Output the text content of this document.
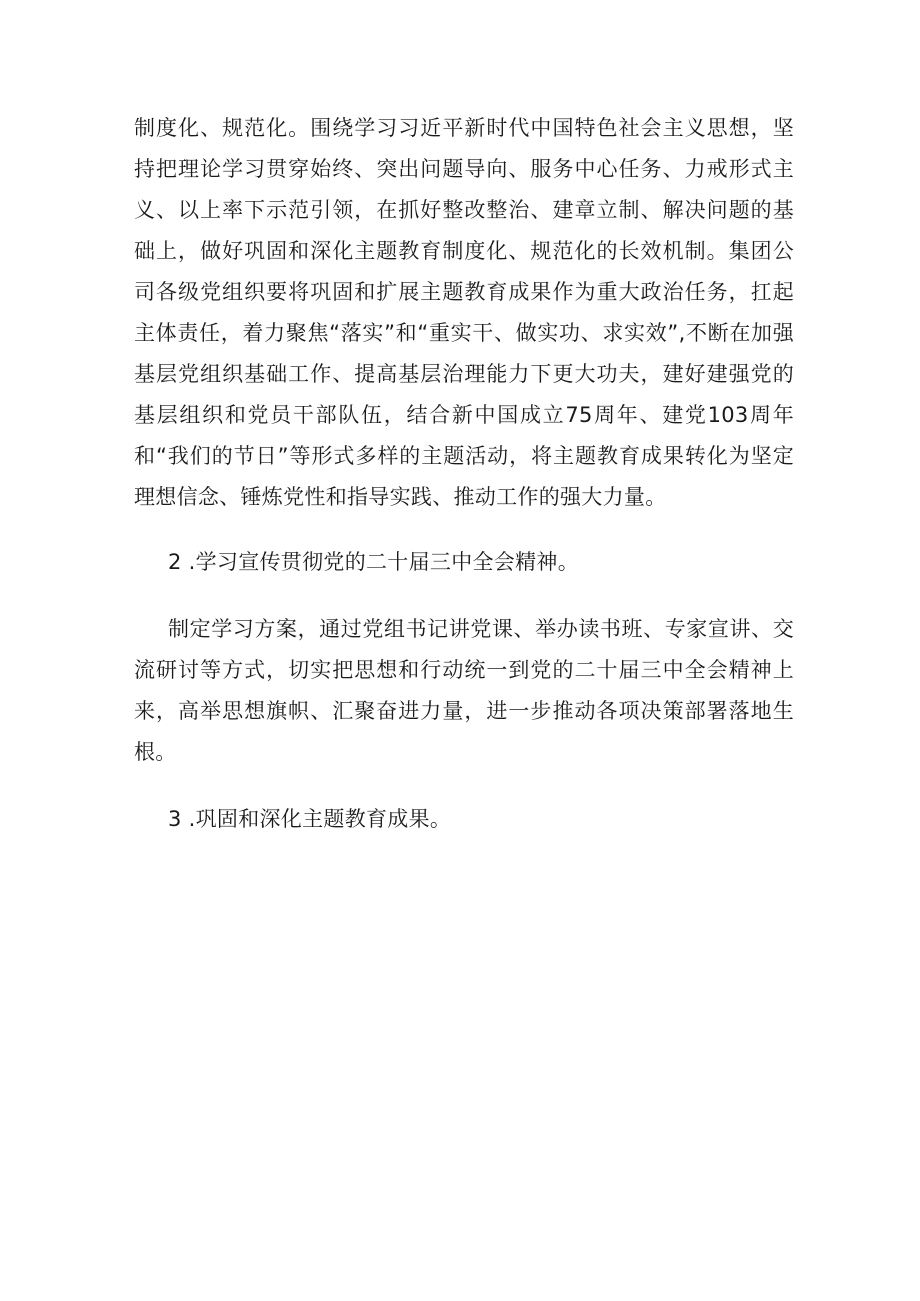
制度化、规范化。围绕学习习近平新时代中国特色社会主义思想，坚持把理论学习贯穿始终、突出问题导向、服务中心任务、力戒形式主义、以上率下示范引领，在抓好整改整治、建章立制、解决问题的基础上，做好巩固和深化主题教育制度化、规范化的长效机制。集团公司各级党组织要将巩固和扩展主题教育成果作为重大政治任务，扛起主体责任，着力聚焦“落实”和“重实干、做实功、求实效”,不断在加强基层党组织基础工作、提高基层治理能力下更大功夫，建好建强党的基层组织和党员干部队伍，结合新中国成立75周年、建党103周年和“我们的节日”等形式多样的主题活动，将主题教育成果转化为坚定理想信念、锤炼党性和指导实践、推动工作的强大力量。

2 .学习宣传贯彻党的二十届三中全会精神。

制定学习方案，通过党组书记讲党课、举办读书班、专家宣讲、交流研讨等方式，切实把思想和行动统一到党的二十届三中全会精神上来，高举思想旗帜、汇聚奋进力量，进一步推动各项决策部署落地生根。

3 .巩固和深化主题教育成果。
